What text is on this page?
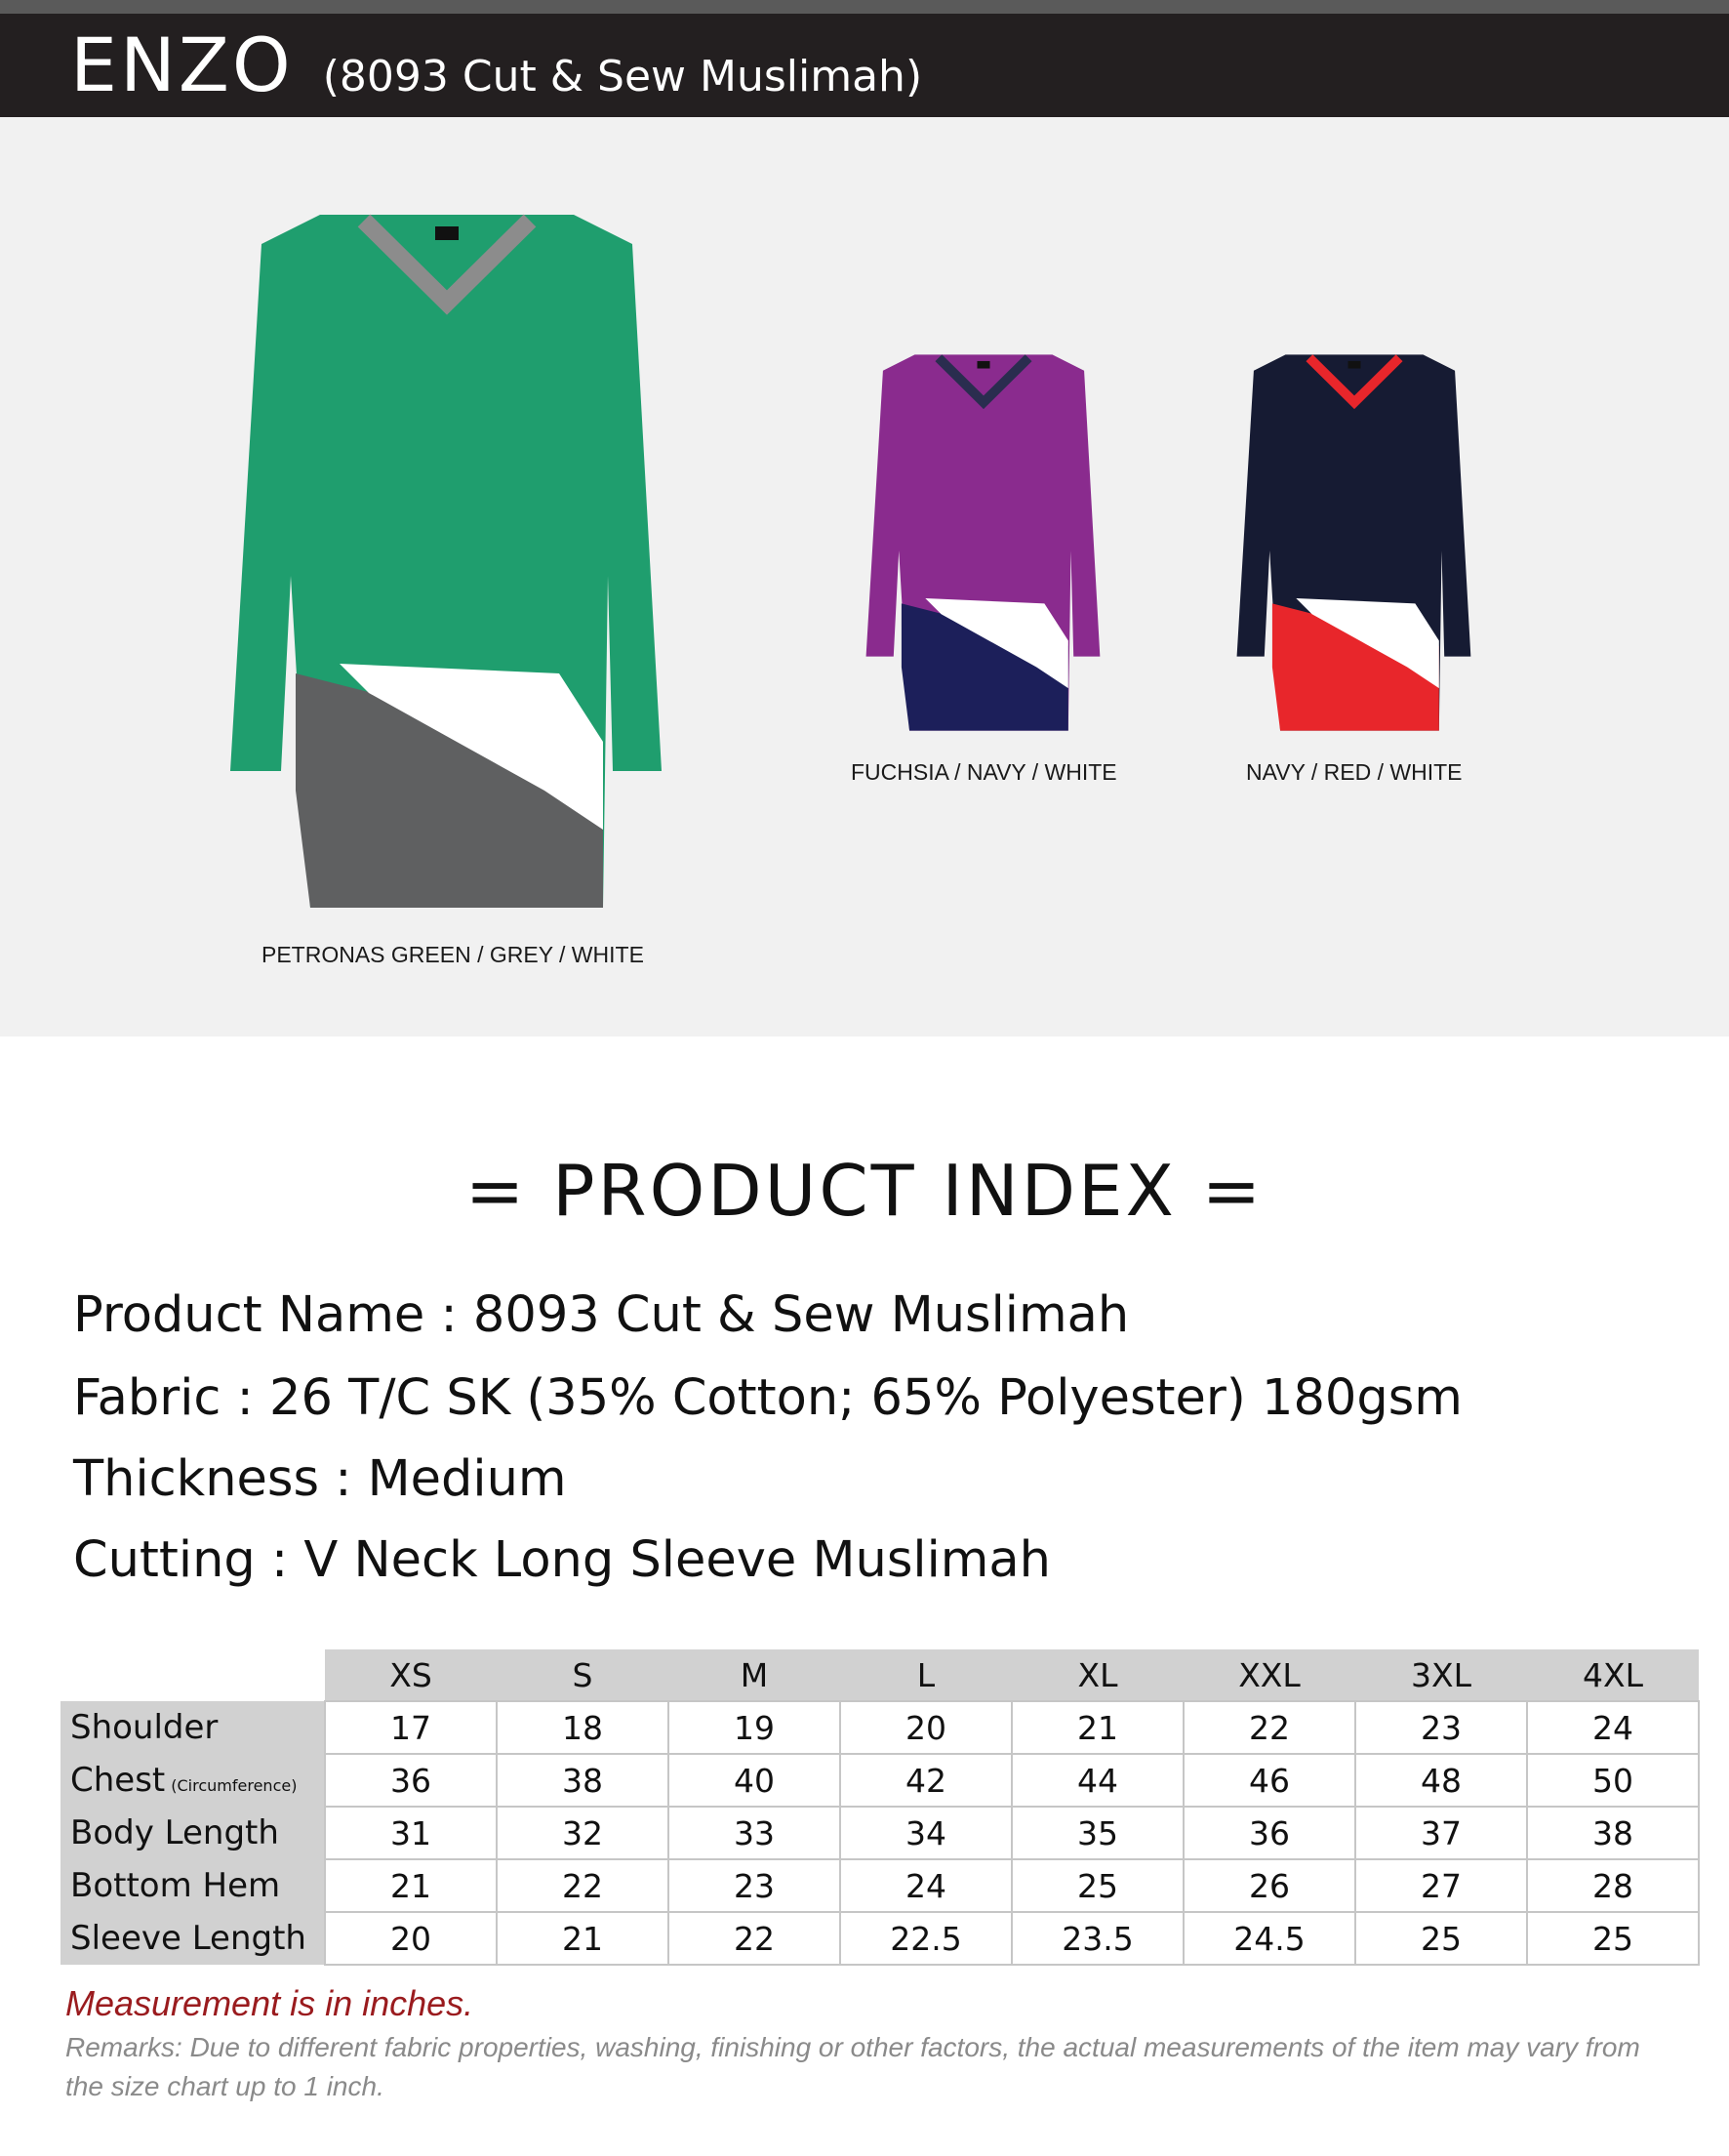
ENZO (8093 Cut & Sew Muslimah)
PETRONAS GREEN / GREY / WHITE
FUCHSIA / NAVY / WHITE	NAVY / RED / WHITE
= PRODUCT INDEX =
Product Name : 8093 Cut & Sew Muslimah
Fabric : 26 T/C SK (35% Cotton; 65% Polyester) 180gsm
Thickness : Medium
Cutting : V Neck Long Sleeve Muslimah
	XS	S	M	L	XL	XXL	3XL	4XL
Shoulder	17	18	19	20	21	22	23	24
Chest (Circumference)	36	38	40	42	44	46	48	50
Body Length	31	32	33	34	35	36	37	38
Bottom Hem	21	22	23	24	25	26	27	28
Sleeve Length	20	21	22	22.5	23.5	24.5	25	25
Measurement is in inches.
Remarks: Due to different fabric properties, washing, finishing or other factors, the actual measurements of the item may vary from the size chart up to 1 inch.
